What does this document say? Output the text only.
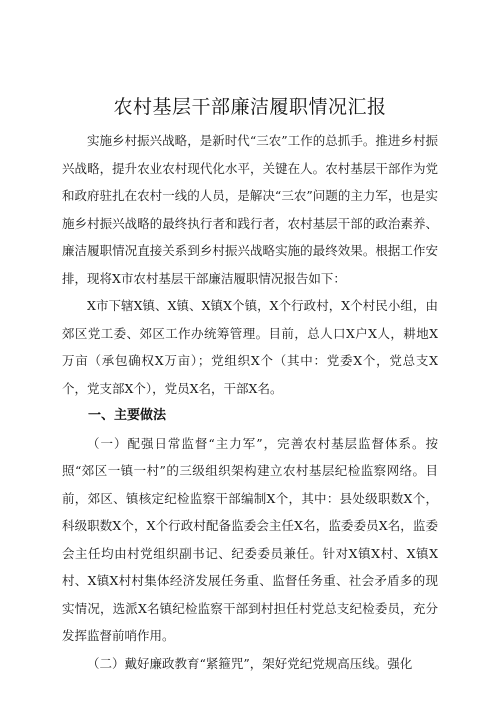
农村基层干部廉洁履职情况汇报

实施乡村振兴战略，是新时代“三农”工作的总抓手。推进乡村振兴战略，提升农业农村现代化水平，关键在人。农村基层干部作为党和政府驻扎在农村一线的人员，是解决“三农”问题的主力军，也是实施乡村振兴战略的最终执行者和践行者，农村基层干部的政治素养、廉洁履职情况直接关系到乡村振兴战略实施的最终效果。根据工作安排，现将X市农村基层干部廉洁履职情况报告如下：

X市下辖X镇、X镇、X镇X个镇，X个行政村，X个村民小组，由郊区党工委、郊区工作办统筹管理。目前，总人口X户X人，耕地X万亩（承包确权X万亩）；党组织X个（其中：党委X个，党总支X个，党支部X个），党员X名，干部X名。

一、主要做法

（一）配强日常监督“主力军”，完善农村基层监督体系。按照“郊区一镇一村”的三级组织架构建立农村基层纪检监察网络。目前，郊区、镇核定纪检监察干部编制X个，其中：县处级职数X个，科级职数X个，X个行政村配备监委会主任X名，监委委员X名，监委会主任均由村党组织副书记、纪委委员兼任。针对X镇X村、X镇X村、X镇X村村集体经济发展任务重、监督任务重、社会矛盾多的现实情况，选派X名镇纪检监察干部到村担任村党总支纪检委员，充分发挥监督前哨作用。

（二）戴好廉政教育“紧箍咒”，架好党纪党规高压线。强化
